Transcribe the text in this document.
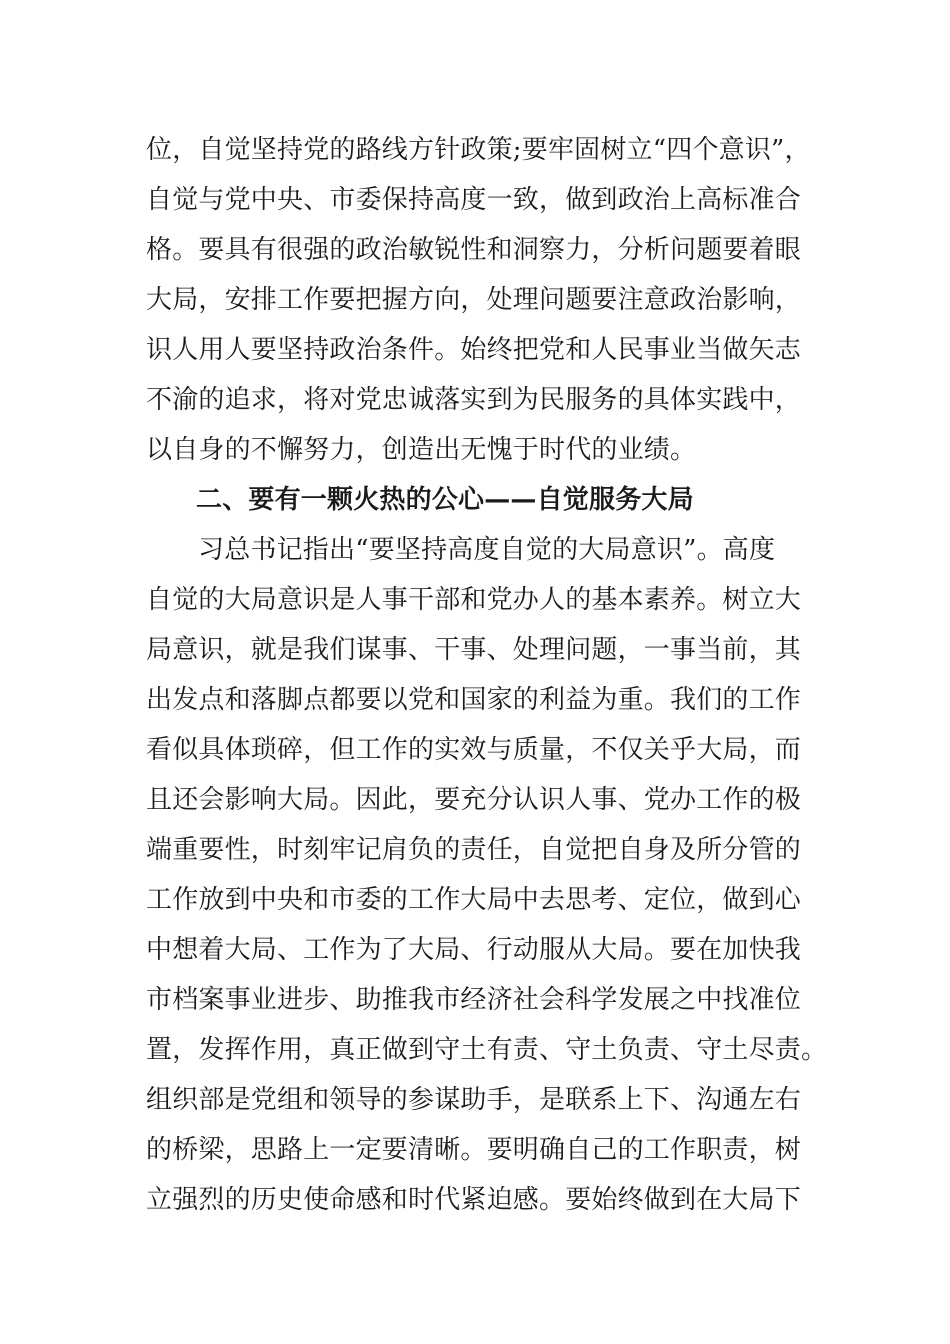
位，自觉坚持党的路线方针政策;要牢固树立“四个意识”，
自觉与党中央、市委保持高度一致，做到政治上高标准合
格。要具有很强的政治敏锐性和洞察力，分析问题要着眼
大局，安排工作要把握方向，处理问题要注意政治影响，
识人用人要坚持政治条件。始终把党和人民事业当做矢志
不渝的追求，将对党忠诚落实到为民服务的具体实践中，
以自身的不懈努力，创造出无愧于时代的业绩。
二、要有一颗火热的公心——自觉服务大局
习总书记指出“要坚持高度自觉的大局意识”。高度
自觉的大局意识是人事干部和党办人的基本素养。树立大
局意识，就是我们谋事、干事、处理问题，一事当前，其
出发点和落脚点都要以党和国家的利益为重。我们的工作
看似具体琐碎，但工作的实效与质量，不仅关乎大局，而
且还会影响大局。因此，要充分认识人事、党办工作的极
端重要性，时刻牢记肩负的责任，自觉把自身及所分管的
工作放到中央和市委的工作大局中去思考、定位，做到心
中想着大局、工作为了大局、行动服从大局。要在加快我
市档案事业进步、助推我市经济社会科学发展之中找准位
置，发挥作用，真正做到守土有责、守土负责、守土尽责。
组织部是党组和领导的参谋助手，是联系上下、沟通左右
的桥梁，思路上一定要清晰。要明确自己的工作职责，树
立强烈的历史使命感和时代紧迫感。要始终做到在大局下
